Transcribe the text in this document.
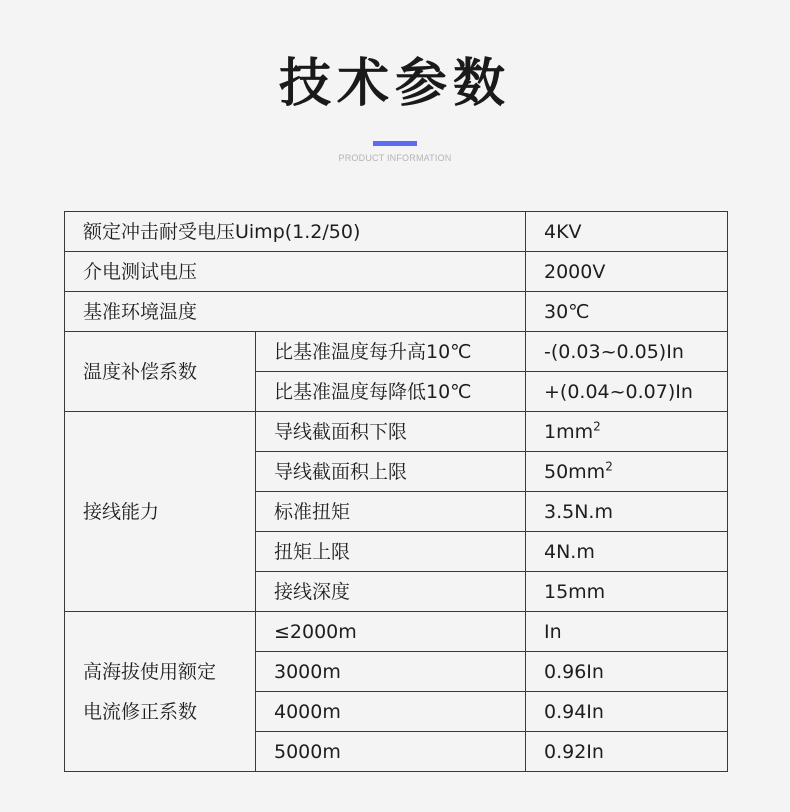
技术参数
PRODUCT INFORMATION
额定冲击耐受电压Uimp(1.2/50)		4KV
介电测试电压		2000V
基准环境温度		30℃
温度补偿系数	比基准温度每升高10℃	-(0.03~0.05)In
	比基准温度每降低10℃	+(0.04~0.07)In
接线能力	导线截面积下限	$1mm^2$
	导线截面积上限	$50mm^2$
	标准扭矩	3.5N.m
	扭矩上限	4N.m
	接线深度	15mm
高海拔使用额定
电流修正系数	≤2000m	In
	3000m	0.96In
	4000m	0.94In
	5000m	0.92In
